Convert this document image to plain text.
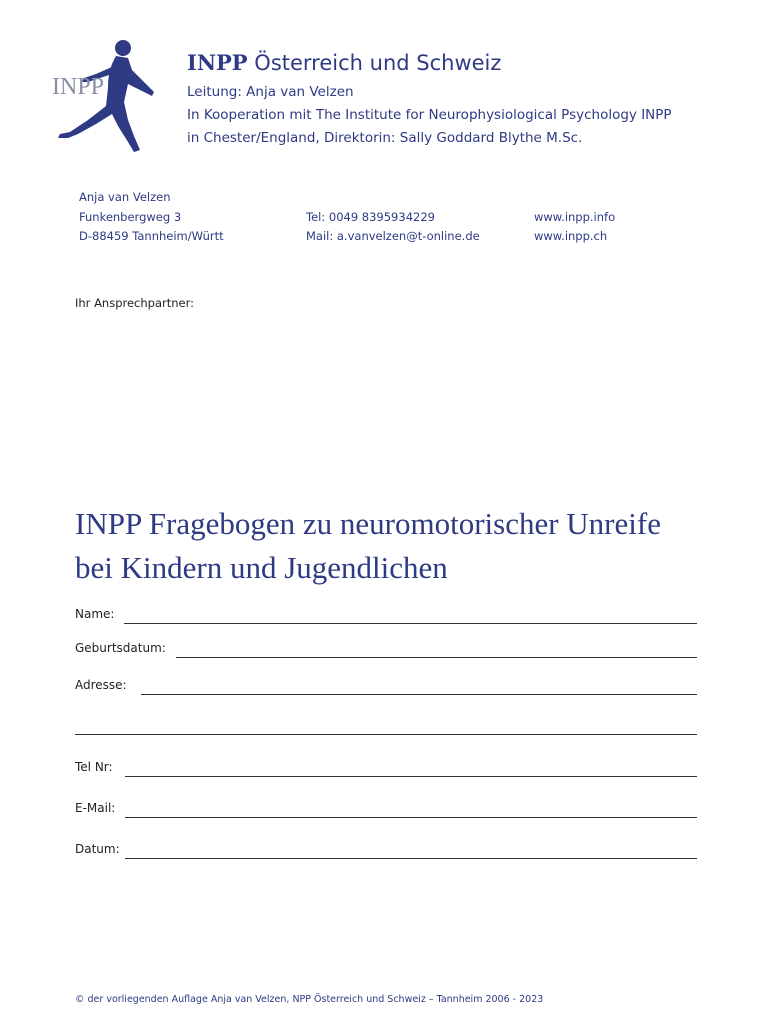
INPP
INPP Österreich und Schweiz
Leitung: Anja van Velzen
In Kooperation mit The Institute for Neurophysiological Psychology INPP
in Chester/England, Direktorin: Sally Goddard Blythe M.Sc.
Anja van Velzen
Funkenbergweg 3
D-88459 Tannheim/Württ
Tel: 0049 8395934229
Mail: a.vanvelzen@t-online.de
www.inpp.info
www.inpp.ch
Ihr Ansprechpartner:
INPP Fragebogen zu neuromotorischer Unreife
bei Kindern und Jugendlichen
Name:
Geburtsdatum:
Adresse:
Tel Nr:
E-Mail:
Datum:
© der vorliegenden Auflage Anja van Velzen, NPP Österreich und Schweiz – Tannheim 2006 - 2023
